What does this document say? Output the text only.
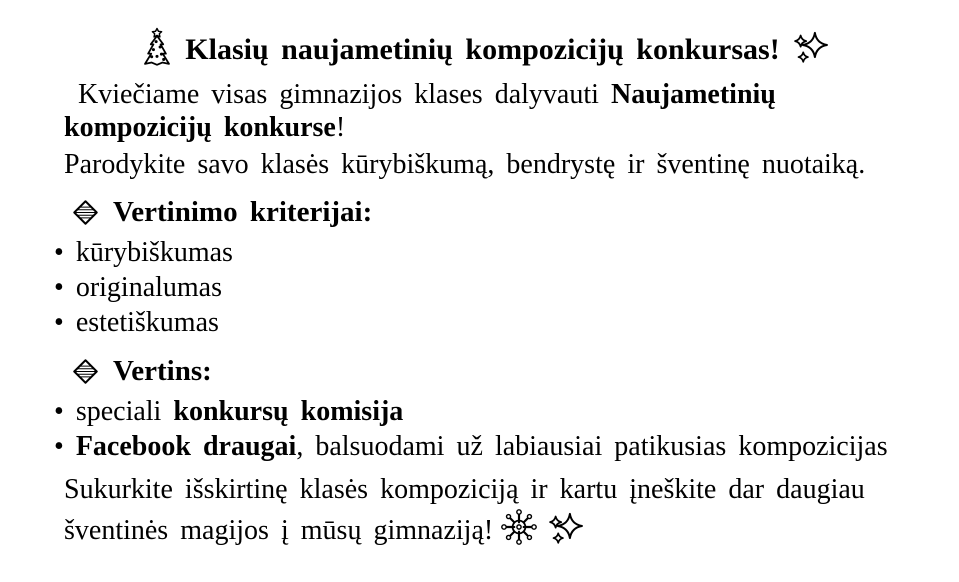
Klasių naujametinių kompozicijų konkursas!
Kviečiame visas gimnazijos klases dalyvauti Naujametinių
kompozicijų konkurse!
Parodykite savo klasės kūrybiškumą, bendrystę ir šventinę nuotaiką.
Vertinimo kriterijai:
• kūrybiškumas
• originalumas
• estetiškumas
Vertins:
• speciali konkursų komisija
• Facebook draugai, balsuodami už labiausiai patikusias kompozicijas
Sukurkite išskirtinę klasės kompoziciją ir kartu įneškite dar daugiau
šventinės magijos į mūsų gimnaziją!
